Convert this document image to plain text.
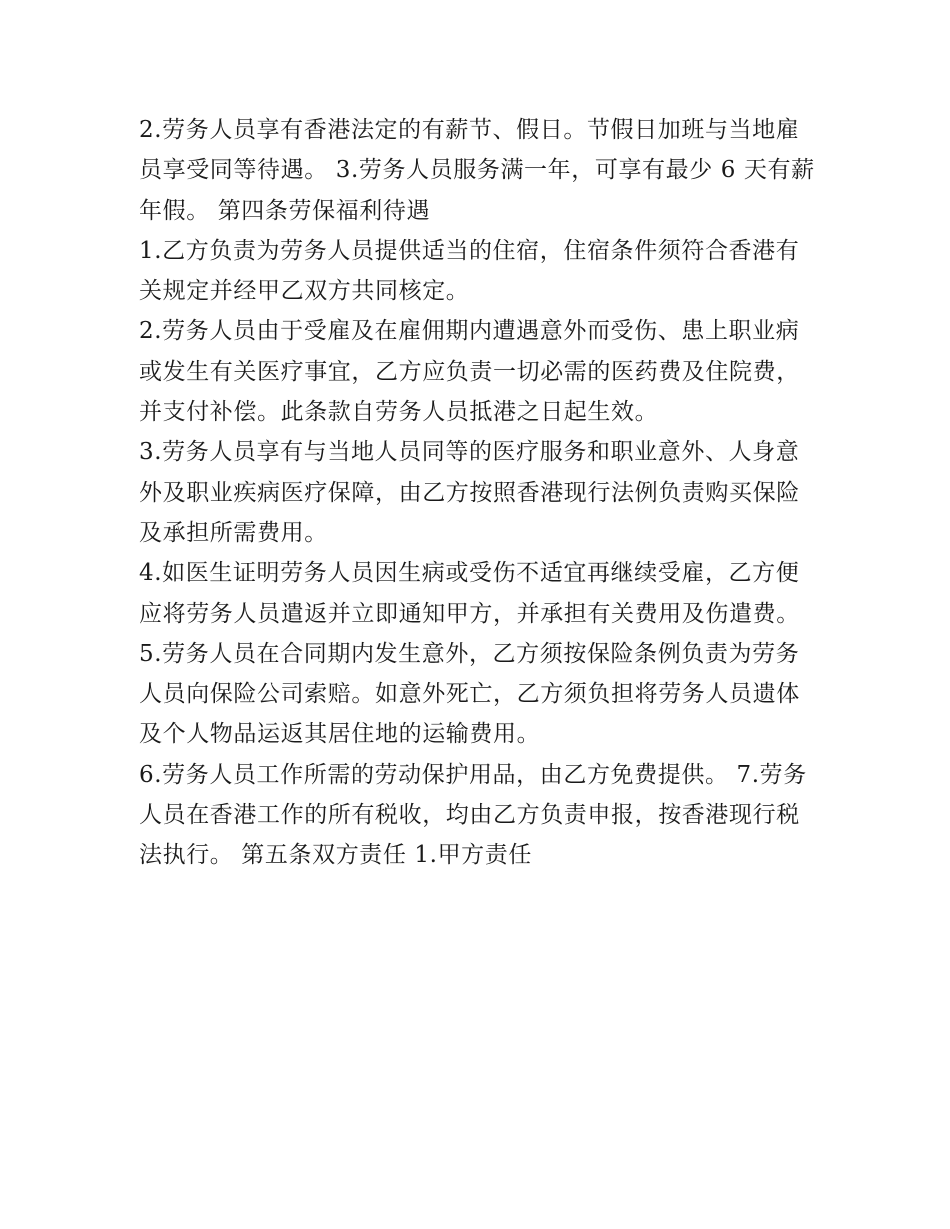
2.劳务人员享有香港法定的有薪节、假日。节假日加班与当地雇员享受同等待遇。 3.劳务人员服务满一年，可享有最少 6 天有薪年假。 第四条劳保福利待遇

1.乙方负责为劳务人员提供适当的住宿，住宿条件须符合香港有关规定并经甲乙双方共同核定。

2.劳务人员由于受雇及在雇佣期内遭遇意外而受伤、患上职业病或发生有关医疗事宜，乙方应负责一切必需的医药费及住院费，并支付补偿。此条款自劳务人员抵港之日起生效。

3.劳务人员享有与当地人员同等的医疗服务和职业意外、人身意外及职业疾病医疗保障，由乙方按照香港现行法例负责购买保险及承担所需费用。

4.如医生证明劳务人员因生病或受伤不适宜再继续受雇，乙方便应将劳务人员遣返并立即通知甲方，并承担有关费用及伤遣费。

5.劳务人员在合同期内发生意外，乙方须按保险条例负责为劳务人员向保险公司索赔。如意外死亡，乙方须负担将劳务人员遗体及个人物品运返其居住地的运输费用。

6.劳务人员工作所需的劳动保护用品，由乙方免费提供。 7.劳务人员在香港工作的所有税收，均由乙方负责申报，按香港现行税法执行。 第五条双方责任 1.甲方责任
